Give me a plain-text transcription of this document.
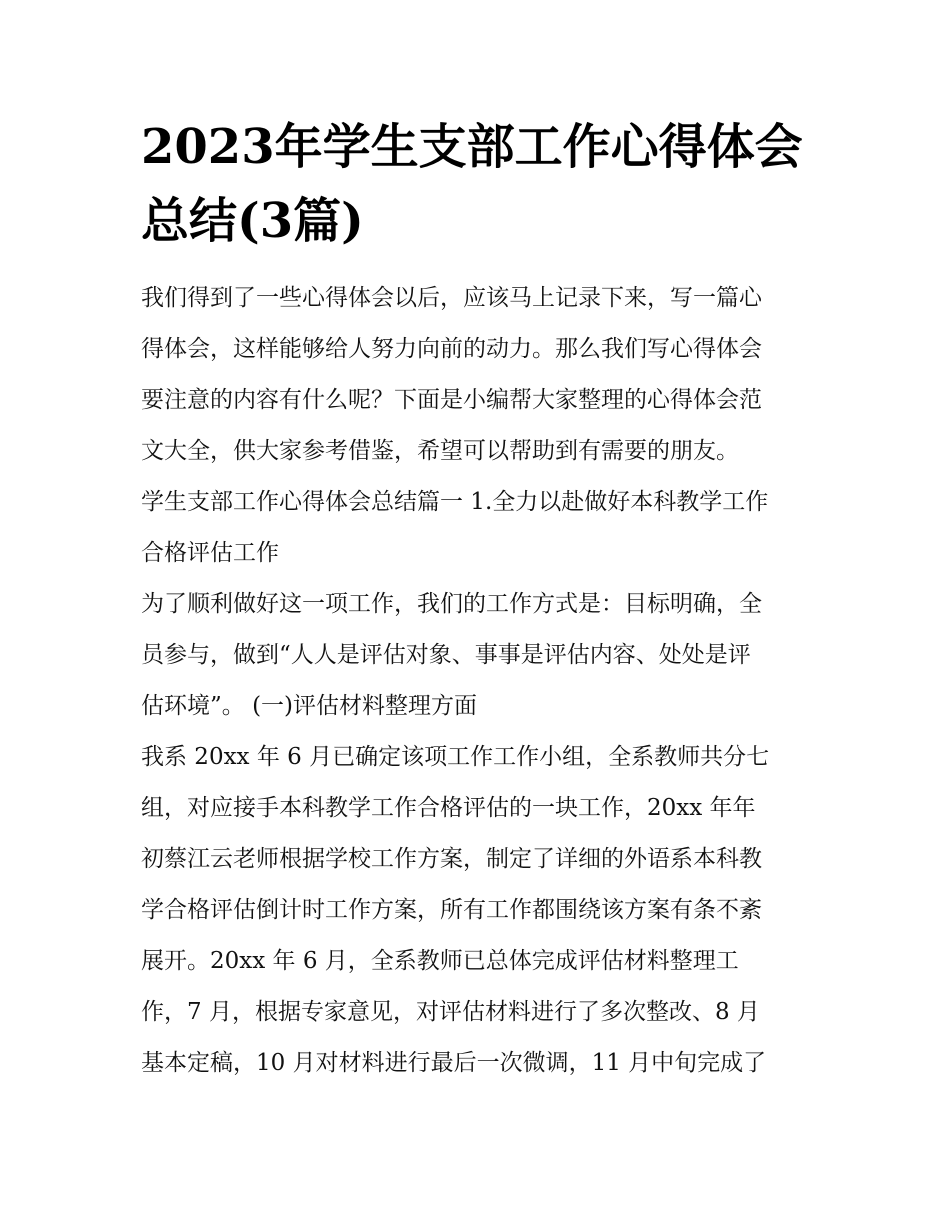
2023年学生支部工作心得体会
总结(3篇)

我们得到了一些心得体会以后，应该马上记录下来，写一篇心
得体会，这样能够给人努力向前的动力。那么我们写心得体会
要注意的内容有什么呢？下面是小编帮大家整理的心得体会范
文大全，供大家参考借鉴，希望可以帮助到有需要的朋友。

学生支部工作心得体会总结篇一 1.全力以赴做好本科教学工作
合格评估工作

为了顺利做好这一项工作，我们的工作方式是：目标明确，全
员参与，做到“人人是评估对象、事事是评估内容、处处是评
估环境”。 (一)评估材料整理方面

我系 20xx 年 6 月已确定该项工作工作小组，全系教师共分七
组，对应接手本科教学工作合格评估的一块工作，20xx 年年
初蔡江云老师根据学校工作方案，制定了详细的外语系本科教
学合格评估倒计时工作方案，所有工作都围绕该方案有条不紊
展开。20xx 年 6 月，全系教师已总体完成评估材料整理工
作，7 月，根据专家意见，对评估材料进行了多次整改、8 月
基本定稿，10 月对材料进行最后一次微调，11 月中旬完成了
